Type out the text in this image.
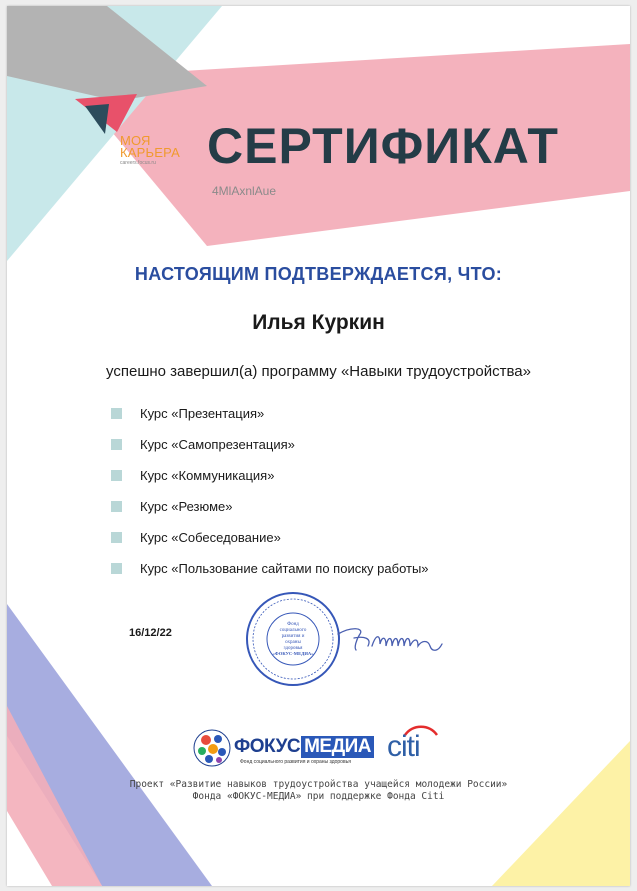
МОЯ
КАРЬЕРА
careers.focus.ru СЕРТИФИКАТ
4MlAxnlAue
НАСТОЯЩИМ ПОДТВЕРЖДАЕТСЯ, ЧТО:
Илья Куркин
успешно завершил(а) программу «Навыки трудоустройства»
Курс «Презентация»
Курс «Самопрезентация»
Курс «Коммуникация»
Курс «Резюме»
Курс «Собеседование»
Курс «Пользование сайтами по поиску работы»
16/12/22
Фонд
социального
развития и
охраны
здоровья
«ФОКУС-МЕДИА»
ФОКУС МЕДИА
Фонд социального развития и охраны здоровья citi
Проект «Развитие навыков трудоустройства учащейся молодежи России»
Фонда «ФОКУС-МЕДИА» при поддержке Фонда Citi
